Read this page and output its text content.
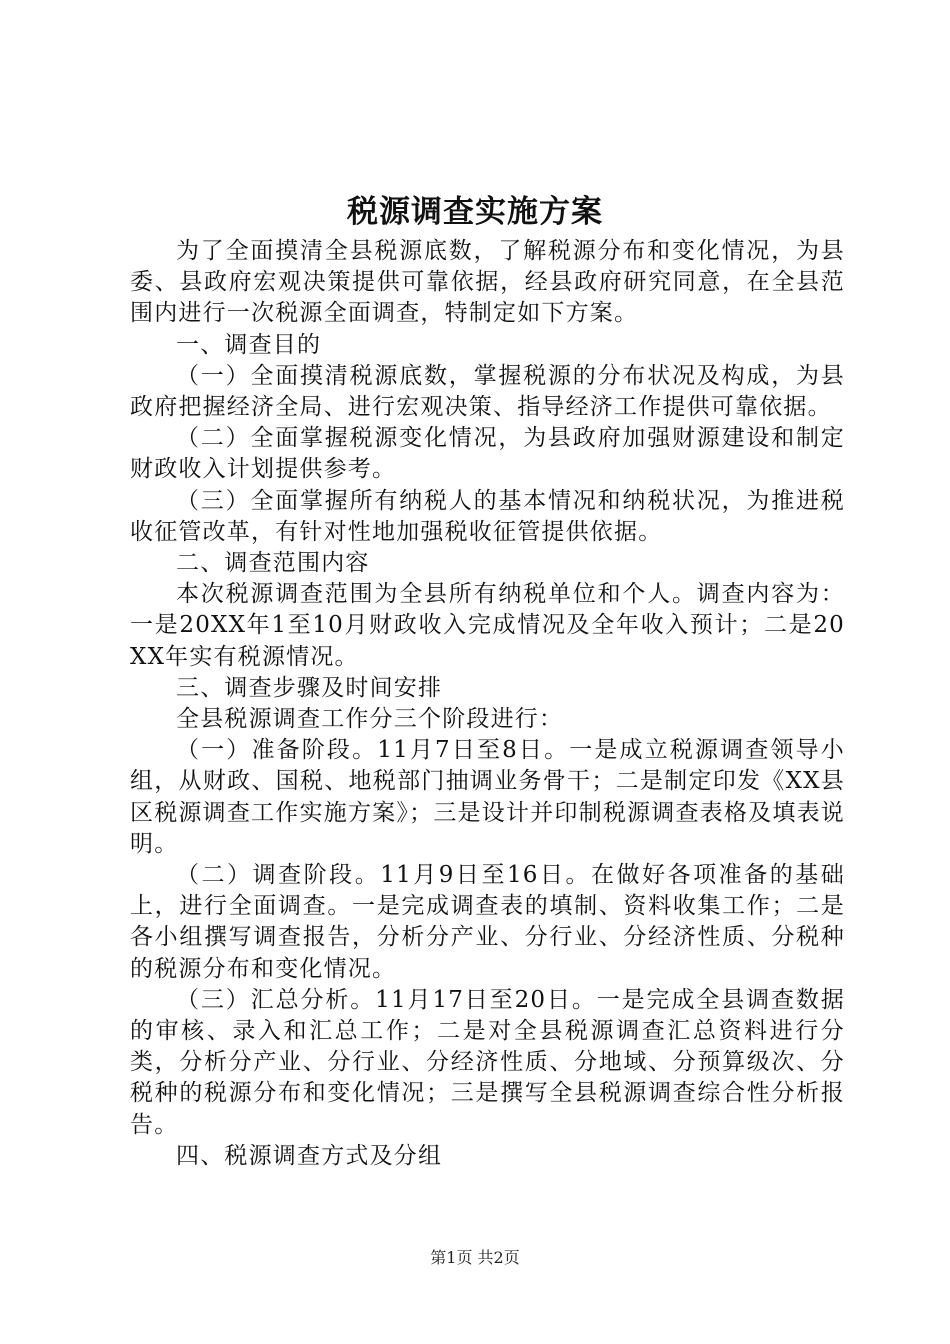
税源调查实施方案

为了全面摸清全县税源底数，了解税源分布和变化情况，为县委、县政府宏观决策提供可靠依据，经县政府研究同意，在全县范围内进行一次税源全面调查，特制定如下方案。

一、调查目的

（一）全面摸清税源底数，掌握税源的分布状况及构成，为县政府把握经济全局、进行宏观决策、指导经济工作提供可靠依据。

（二）全面掌握税源变化情况，为县政府加强财源建设和制定财政收入计划提供参考。

（三）全面掌握所有纳税人的基本情况和纳税状况，为推进税收征管改革，有针对性地加强税收征管提供依据。

二、调查范围内容

本次税源调查范围为全县所有纳税单位和个人。调查内容为：一是20XX年1至10月财政收入完成情况及全年收入预计；二是20XX年实有税源情况。

三、调查步骤及时间安排

全县税源调查工作分三个阶段进行：

（一）准备阶段。11月7日至8日。一是成立税源调查领导小组，从财政、国税、地税部门抽调业务骨干；二是制定印发《XX县区税源调查工作实施方案》；三是设计并印制税源调查表格及填表说明。

（二）调查阶段。11月9日至16日。在做好各项准备的基础上，进行全面调查。一是完成调查表的填制、资料收集工作；二是各小组撰写调查报告，分析分产业、分行业、分经济性质、分税种的税源分布和变化情况。

（三）汇总分析。11月17日至20日。一是完成全县调查数据的审核、录入和汇总工作；二是对全县税源调查汇总资料进行分类，分析分产业、分行业、分经济性质、分地域、分预算级次、分税种的税源分布和变化情况；三是撰写全县税源调查综合性分析报告。

四、税源调查方式及分组

第1页 共2页
